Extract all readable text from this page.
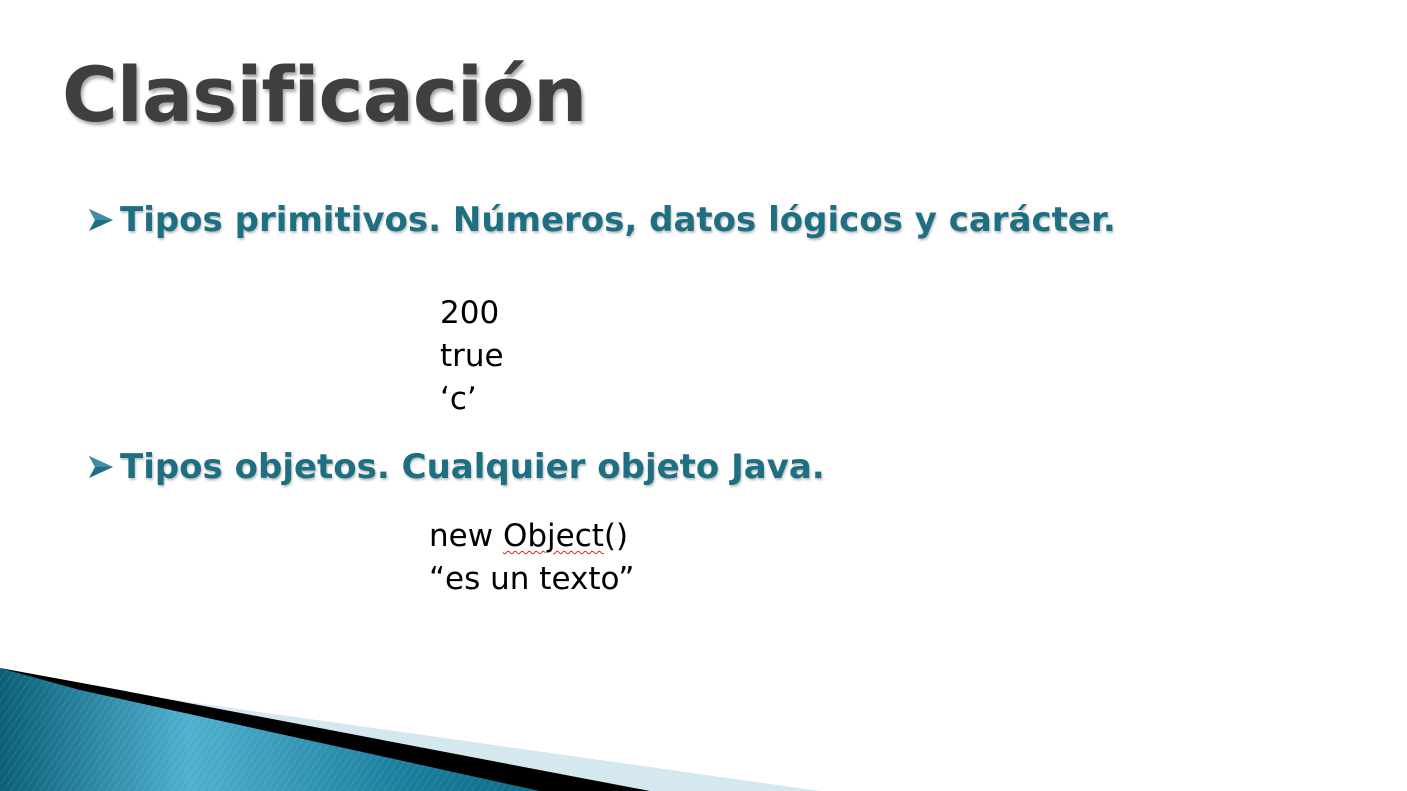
Clasificación
Tipos primitivos. Números, datos lógicos y carácter.
200
true
‘c’
Tipos objetos. Cualquier objeto Java.
new Object()
“es un texto”
